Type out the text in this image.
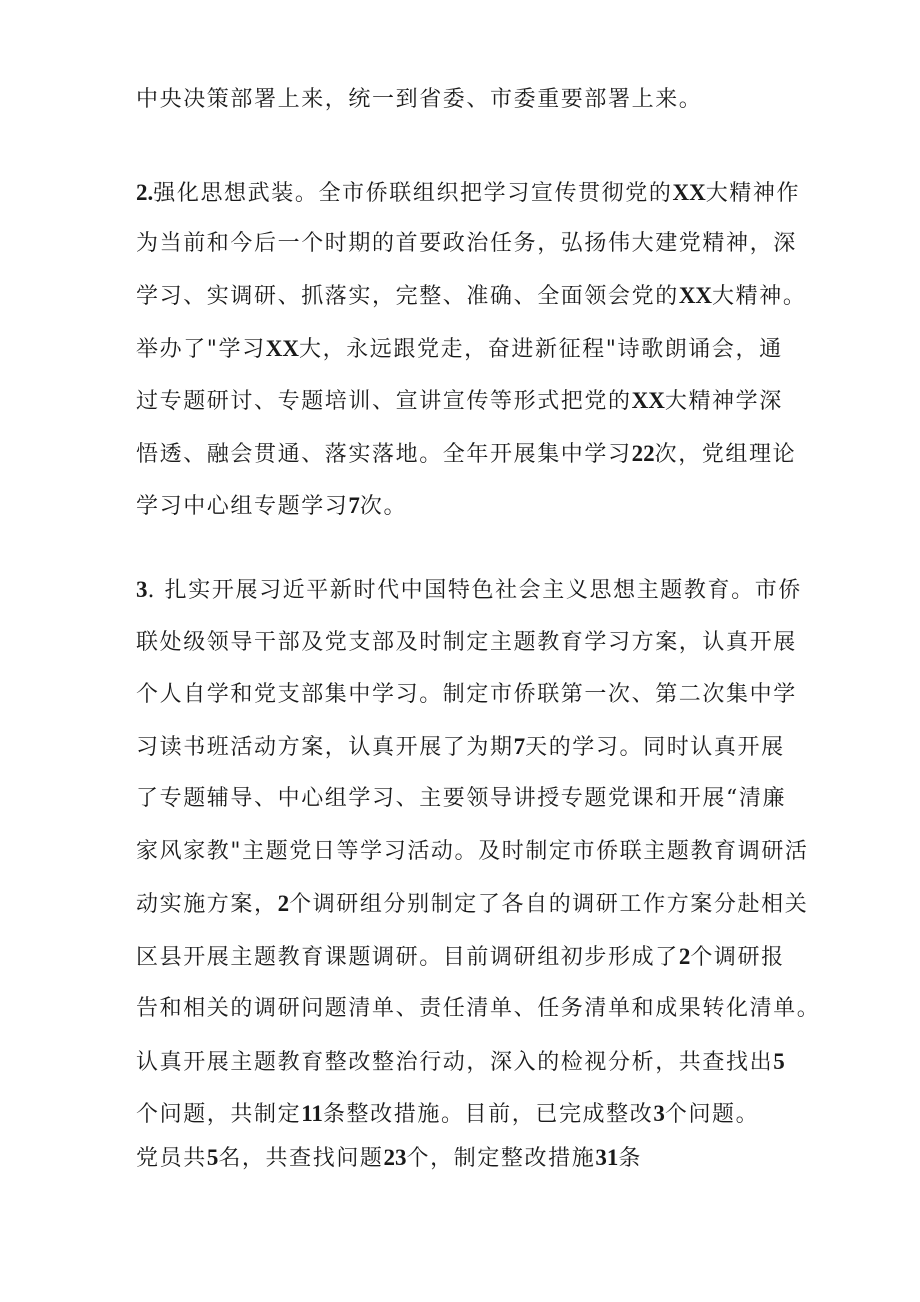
中央决策部署上来，统一到省委、市委重要部署上来。
2.强化思想武装。全市侨联组织把学习宣传贯彻党的XX大精神作
为当前和今后一个时期的首要政治任务，弘扬伟大建党精神，深
学习、实调研、抓落实，完整、准确、全面领会党的XX大精神。
举办了"学习XX大，永远跟党走，奋进新征程"诗歌朗诵会，通
过专题研讨、专题培训、宣讲宣传等形式把党的XX大精神学深
悟透、融会贯通、落实落地。全年开展集中学习22次，党组理论
学习中心组专题学习7次。
3. 扎实开展习近平新时代中国特色社会主义思想主题教育。市侨
联处级领导干部及党支部及时制定主题教育学习方案，认真开展
个人自学和党支部集中学习。制定市侨联第一次、第二次集中学
习读书班活动方案，认真开展了为期7天的学习。同时认真开展
了专题辅导、中心组学习、主要领导讲授专题党课和开展“清廉
家风家教"主题党日等学习活动。及时制定市侨联主题教育调研活
动实施方案，2个调研组分别制定了各自的调研工作方案分赴相关
区县开展主题教育课题调研。目前调研组初步形成了2个调研报
告和相关的调研问题清单、责任清单、任务清单和成果转化清单。
认真开展主题教育整改整治行动，深入的检视分析，共查找出5
个问题，共制定11条整改措施。目前，已完成整改3个问题。
党员共5名，共查找问题23个，制定整改措施31条
